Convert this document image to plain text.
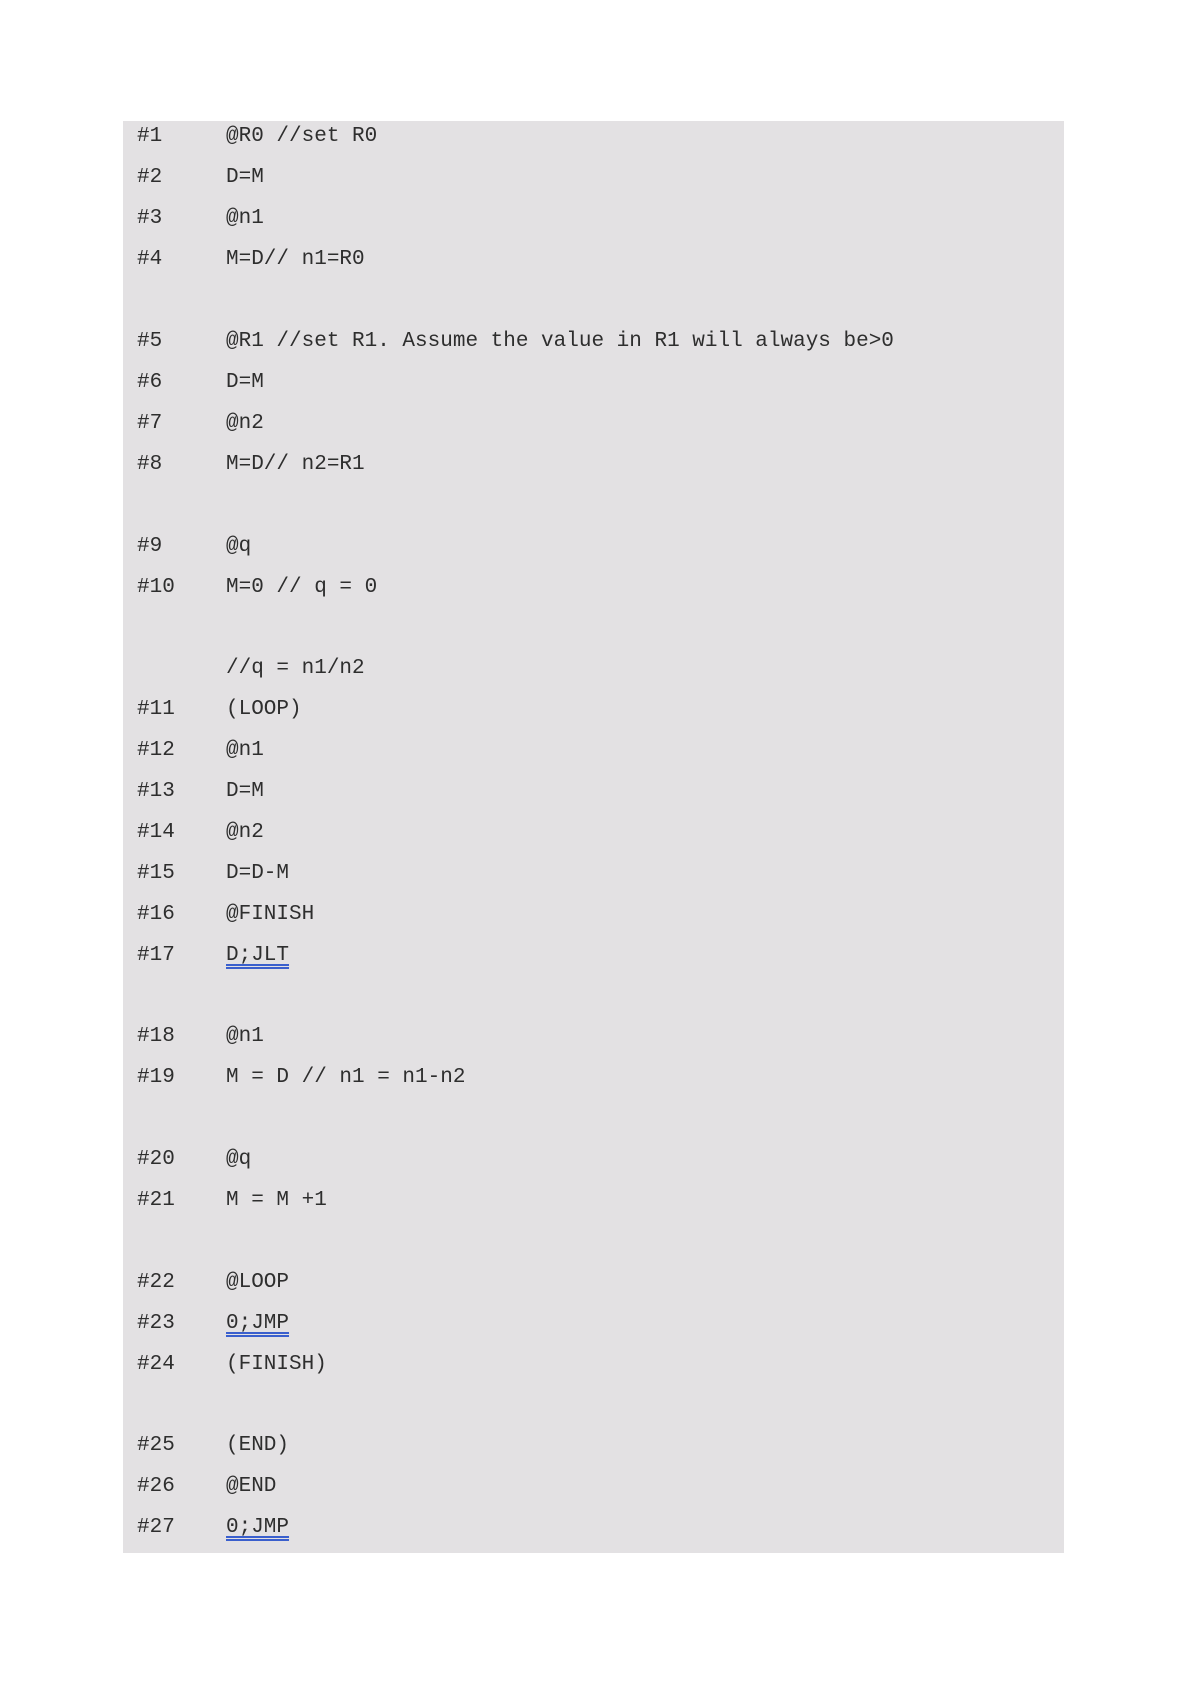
#1	@R0 //set R0
#2	D=M
#3	@n1
#4	M=D// n1=R0
#5	@R1 //set R1. Assume the value in R1 will always be>0
#6	D=M
#7	@n2
#8	M=D// n2=R1
#9	@q
#10 M=0 // q = 0
//q = n1/n2
#11 (LOOP)
#12 @n1
#13 D=M
#14 @n2
#15 D=D-M
#16 @FINISH
#17 D;JLT
#18 @n1
#19 M = D // n1 = n1-n2
#20 @q
#21 M = M +1
#22 @LOOP
#23 0;JMP
#24 (FINISH)
#25 (END)
#26 @END
#27 0;JMP
